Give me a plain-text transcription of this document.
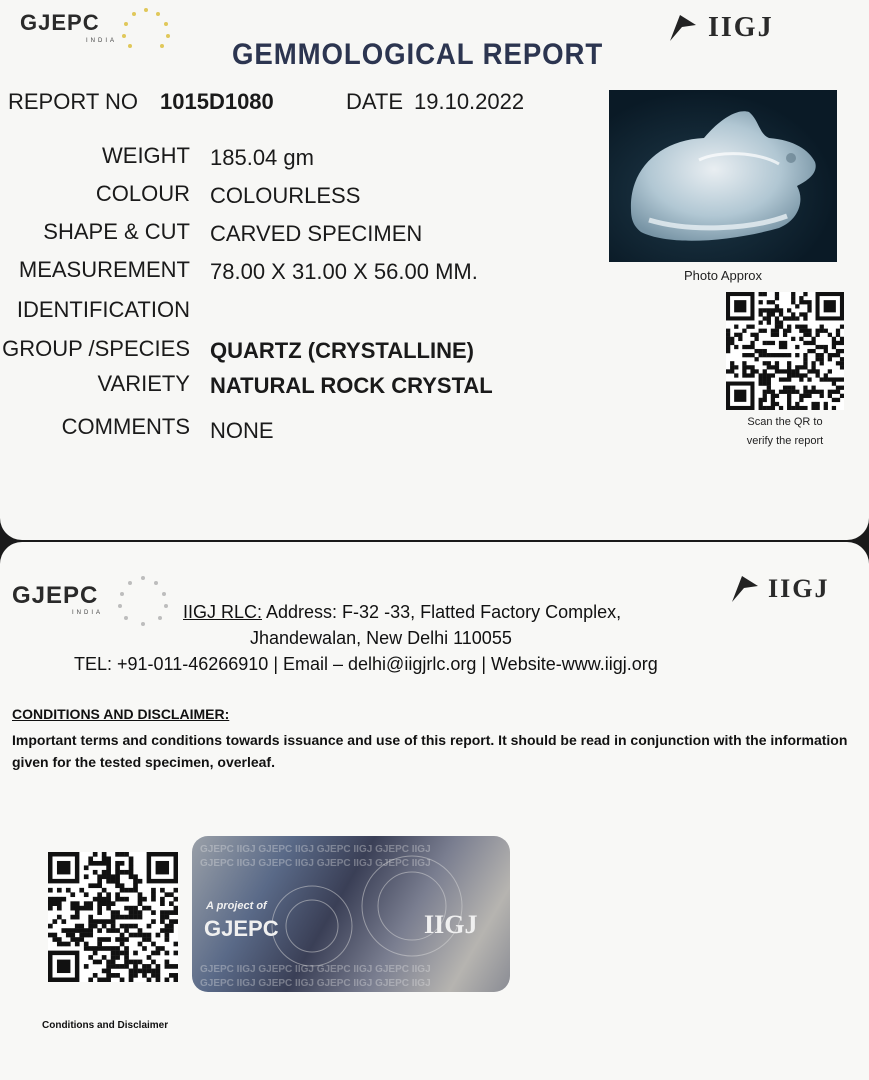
GJEPC
INDIA	IIGJ
GEMMOLOGICAL REPORT
REPORT NO 1015D1080	DATE 19.10.2022
WEIGHT 185.04 gm
COLOUR COLOURLESS
SHAPE & CUT CARVED SPECIMEN
MEASUREMENT 78.00 X 31.00 X 56.00 MM.
IDENTIFICATION
GROUP /SPECIES QUARTZ (CRYSTALLINE)
VARIETY NATURAL ROCK CRYSTAL
COMMENTS NONE
Photo Approx
Scan the QR to
verify the report
GJEPC
INDIA
IIGJ
IIGJ RLC: Address: F-32 -33, Flatted Factory Complex,
Jhandewalan, New Delhi 110055
TEL: +91-011-46266910 | Email – delhi@iigjrlc.org | Website-www.iigj.org
CONDITIONS AND DISCLAIMER:
Important terms and conditions towards issuance and use of this report. It should be read in conjunction with the information given for the tested specimen, overleaf.
GJEPC IIGJ GJEPC IIGJ GJEPC IIGJ GJEPC IIGJ
GJEPC IIGJ GJEPC IIGJ GJEPC IIGJ GJEPC IIGJ
GJEPC IIGJ GJEPC IIGJ GJEPC IIGJ GJEPC IIGJ
GJEPC IIGJ GJEPC IIGJ GJEPC IIGJ GJEPC IIGJ
A project of
GJEPC	IIGJ
Conditions and Disclaimer
